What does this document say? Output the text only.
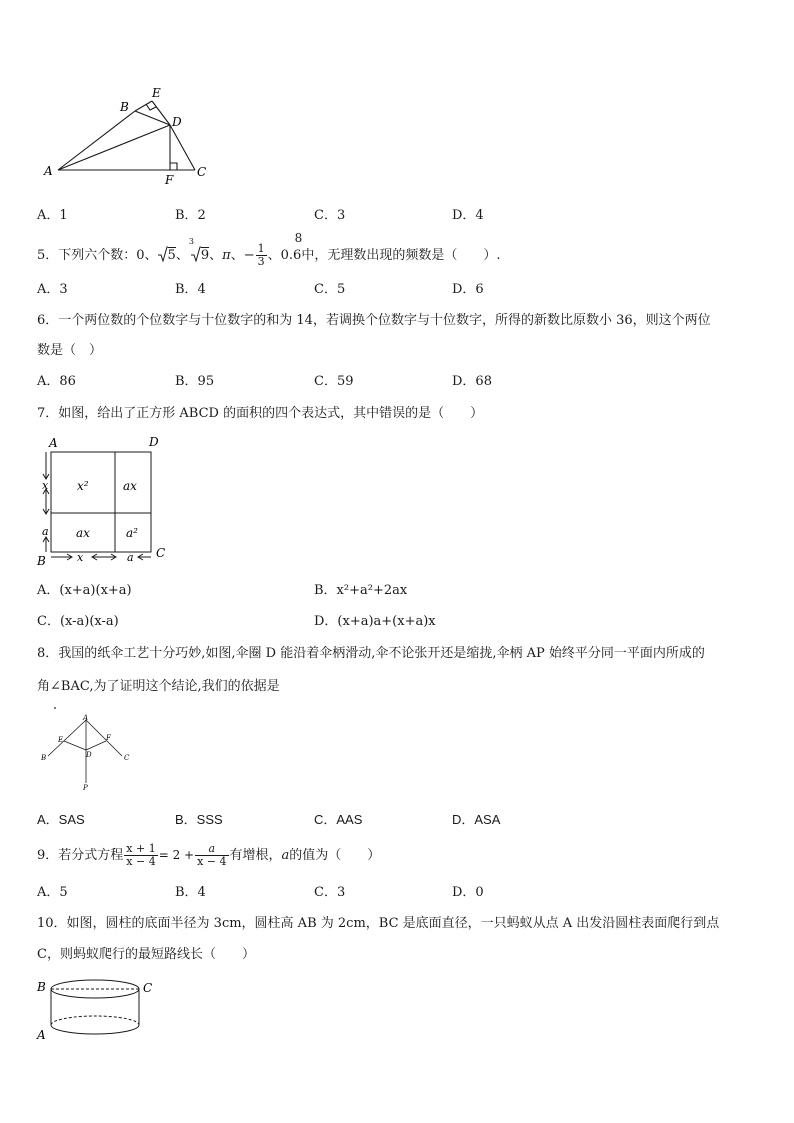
A
B
E
D
C
F
A．1	B．2	C．3	D．4
5．下列六个数：0、 5、
3
9、π、− $\frac{1}{3}$ 、0.6
8
中，无理数出现的频数是（　　）.
A．3	B．4	C．5	D．6
6．一个两位数的个位数字与十位数字的和为 14，若调换个位数字与十位数字，所得的新数比原数小 36，则这个两位
数是（　）
A．86	B．95	C．59	D．68
7．如图，给出了正方形 ABCD 的面积的四个表达式，其中错误的是（　　）
A	D
B
C
x²	ax
ax	a²
x
a
x	a
A．(x+a)(x+a)	B．x²+a²+2ax
C．(x-a)(x-a)	D．(x+a)a+(x+a)x
8．我国的纸伞工艺十分巧妙,如图,伞圈 D 能沿着伞柄滑动,伞不论张开还是缩拢,伞柄 AP 始终平分同一平面内所成的
角∠BAC,为了证明这个结论,我们的依据是
A
B	C
D
E	F
P
A．SAS	B．SSS	C．AAS	D．ASA
9．若分式方程 $\frac{x + 1}{x - 4} = 2 + \frac{a}{x - 4}$ 有增根，a的值为（　　）
A．5	B．4	C．3	D．0
10．如图，圆柱的底面半径为 3cm，圆柱高 AB 为 2cm，BC 是底面直径，一只蚂蚁从点 A 出发沿圆柱表面爬行到点
C，则蚂蚁爬行的最短路线长（　　）
B	C
A
